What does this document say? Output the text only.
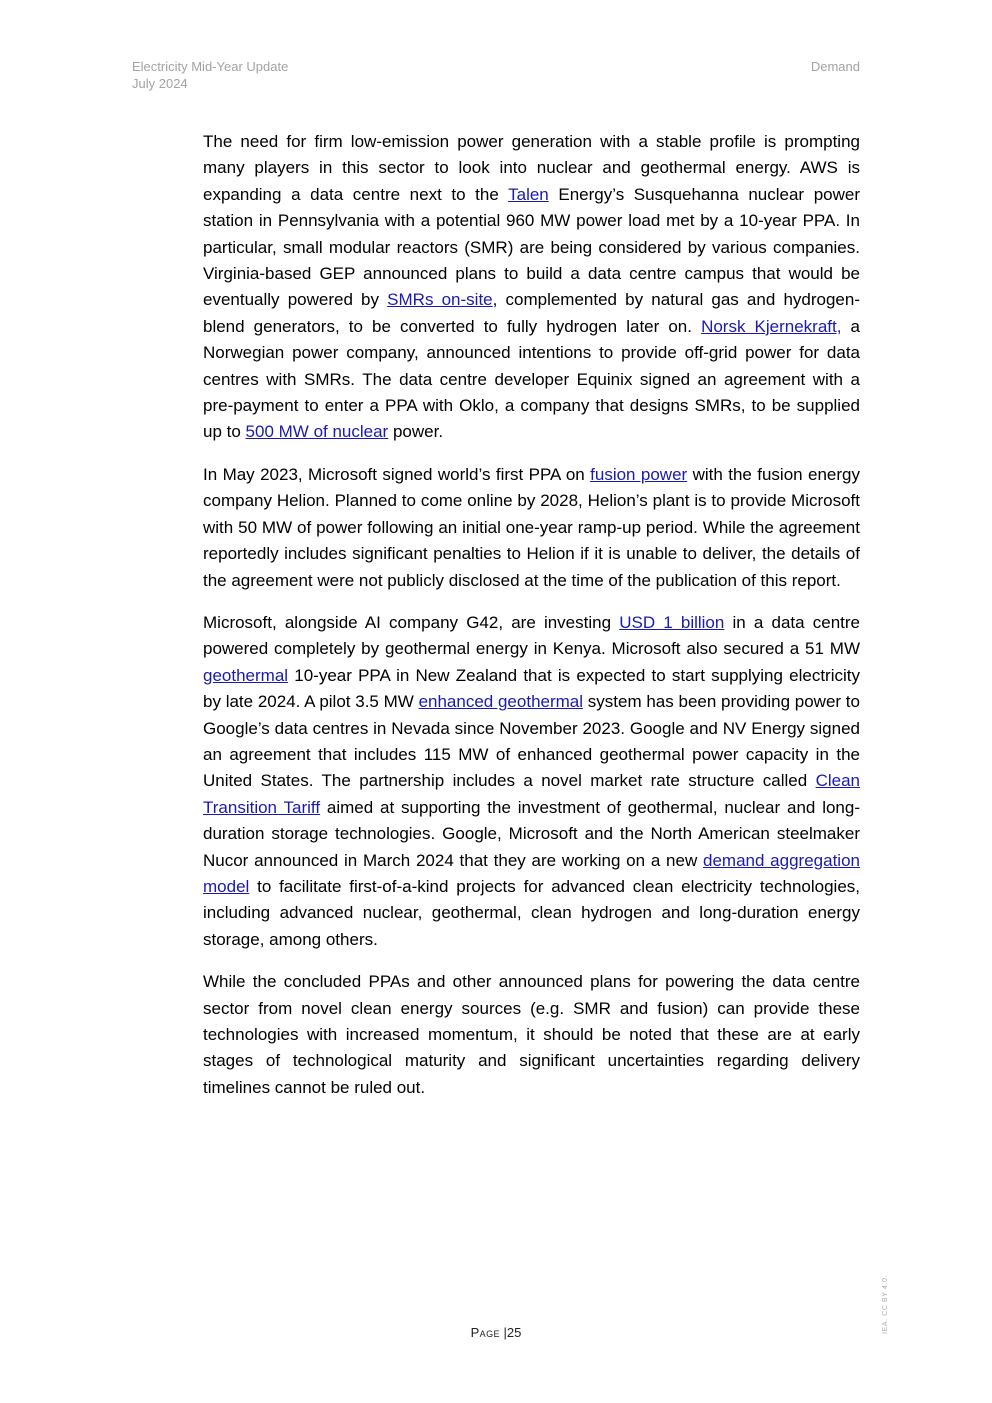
Electricity Mid-Year Update
July 2024
Demand

The need for firm low-emission power generation with a stable profile is prompting many players in this sector to look into nuclear and geothermal energy. AWS is expanding a data centre next to the Talen Energy’s Susquehanna nuclear power station in Pennsylvania with a potential 960 MW power load met by a 10-year PPA. In particular, small modular reactors (SMR) are being considered by various companies. Virginia-based GEP announced plans to build a data centre campus that would be eventually powered by SMRs on-site, complemented by natural gas and hydrogen-blend generators, to be converted to fully hydrogen later on. Norsk Kjernekraft, a Norwegian power company, announced intentions to provide off-grid power for data centres with SMRs. The data centre developer Equinix signed an agreement with a pre-payment to enter a PPA with Oklo, a company that designs SMRs, to be supplied up to 500 MW of nuclear power.

In May 2023, Microsoft signed world’s first PPA on fusion power with the fusion energy company Helion. Planned to come online by 2028, Helion’s plant is to provide Microsoft with 50 MW of power following an initial one-year ramp-up period. While the agreement reportedly includes significant penalties to Helion if it is unable to deliver, the details of the agreement were not publicly disclosed at the time of the publication of this report.

Microsoft, alongside AI company G42, are investing USD 1 billion in a data centre powered completely by geothermal energy in Kenya. Microsoft also secured a 51 MW geothermal 10-year PPA in New Zealand that is expected to start supplying electricity by late 2024. A pilot 3.5 MW enhanced geothermal system has been providing power to Google’s data centres in Nevada since November 2023. Google and NV Energy signed an agreement that includes 115 MW of enhanced geothermal power capacity in the United States. The partnership includes a novel market rate structure called Clean Transition Tariff aimed at supporting the investment of geothermal, nuclear and long-duration storage technologies. Google, Microsoft and the North American steelmaker Nucor announced in March 2024 that they are working on a new demand aggregation model to facilitate first-of-a-kind projects for advanced clean electricity technologies, including advanced nuclear, geothermal, clean hydrogen and long-duration energy storage, among others.

While the concluded PPAs and other announced plans for powering the data centre sector from novel clean energy sources (e.g. SMR and fusion) can provide these technologies with increased momentum, it should be noted that these are at early stages of technological maturity and significant uncertainties regarding delivery timelines cannot be ruled out.

Page |25	IEA. CC BY 4.0.
